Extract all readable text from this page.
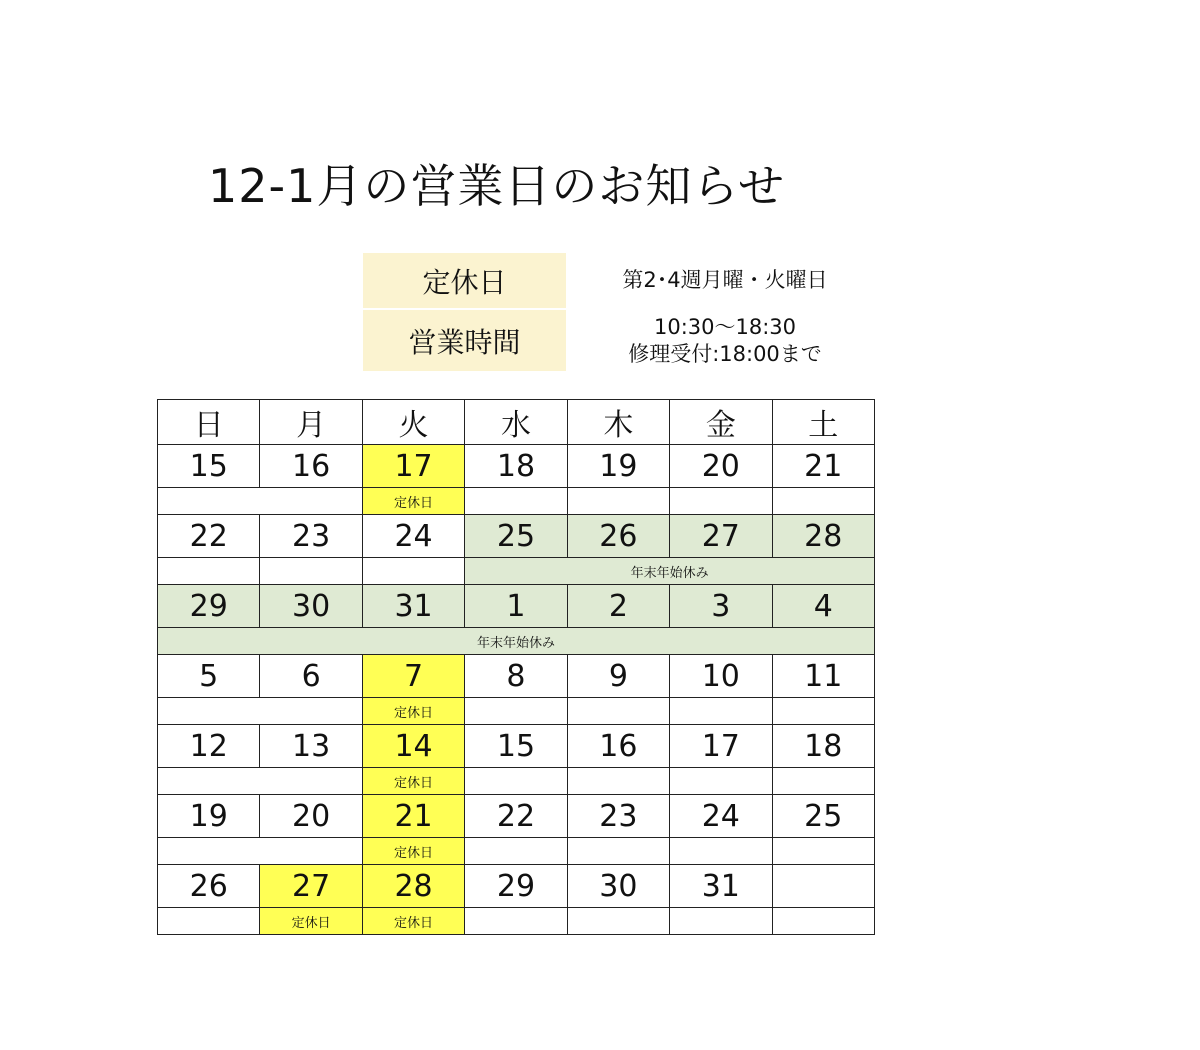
12-1月の営業日のお知らせ
定休日	第2･4週月曜・火曜日
営業時間	10:30〜18:30
修理受付:18:00まで
日	月	火	水	木	金	土
15	16	17	18	19	20	21
		定休日				
22	23	24	25	26	27	28
			年末年始休み			
29	30	31	1	2	3	4
年末年始休み						
5	6	7	8	9	10	11
		定休日				
12	13	14	15	16	17	18
		定休日				
19	20	21	22	23	24	25
		定休日				
26	27	28	29	30	31	
	定休日	定休日				
